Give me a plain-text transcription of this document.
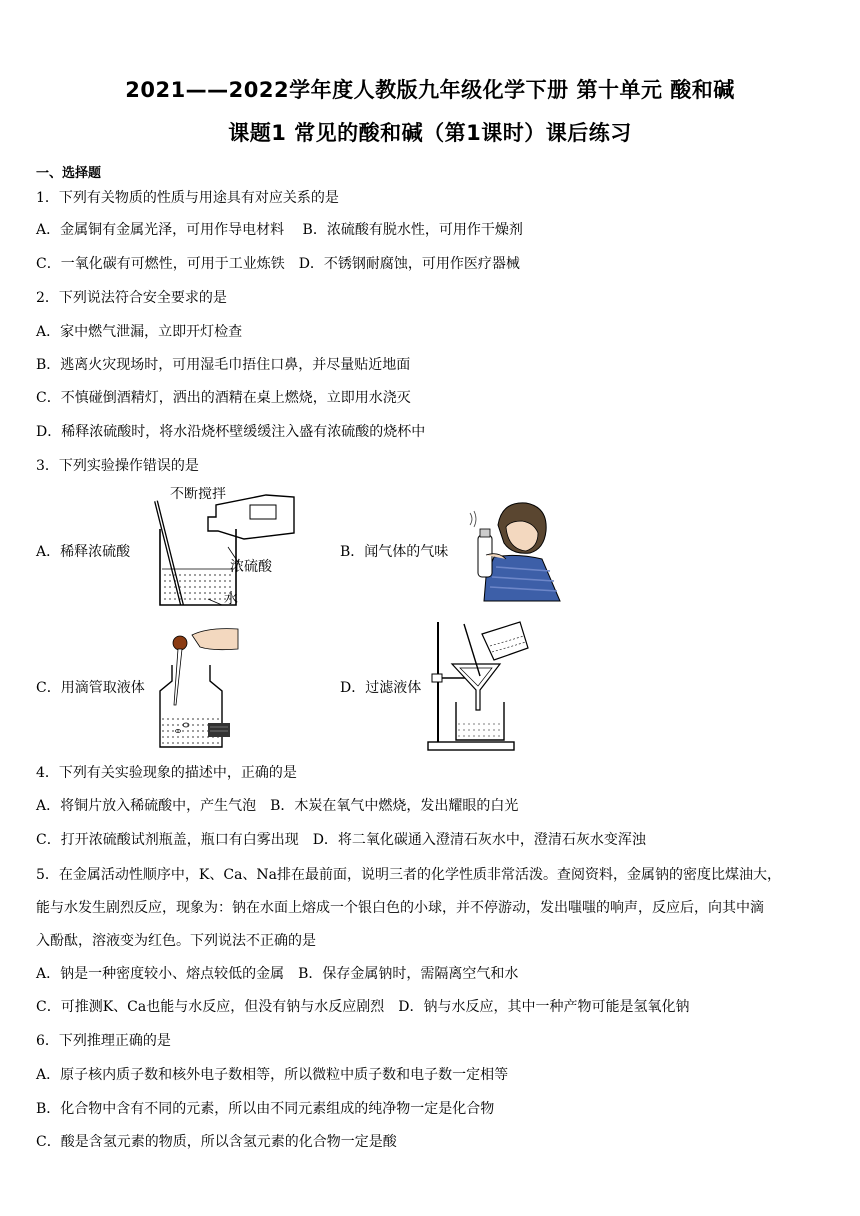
2021——2022学年度人教版九年级化学下册 第十单元 酸和碱
课题1 常见的酸和碱（第1课时）课后练习
一、选择题
1．下列有关物质的性质与用途具有对应关系的是
A．金属铜有金属光泽，可用作导电材料　 B．浓硫酸有脱水性，可用作干燥剂
C．一氧化碳有可燃性，可用于工业炼铁　D．不锈钢耐腐蚀，可用作医疗器械
2．下列说法符合安全要求的是
A．家中燃气泄漏，立即开灯检查
B．逃离火灾现场时，可用湿毛巾捂住口鼻，并尽量贴近地面
C．不慎碰倒酒精灯，洒出的酒精在桌上燃烧，立即用水浇灭
D．稀释浓硫酸时，将水沿烧杯壁缓缓注入盛有浓硫酸的烧杯中
3．下列实验操作错误的是
A．稀释浓硫酸
不断搅拌
浓硫酸
水
B．闻气体的气味
C．用滴管取液体	D．过滤液体
4．下列有关实验现象的描述中，正确的是
A．将铜片放入稀硫酸中，产生气泡　B．木炭在氧气中燃烧，发出耀眼的白光
C．打开浓硫酸试剂瓶盖，瓶口有白雾出现　D．将二氧化碳通入澄清石灰水中，澄清石灰水变浑浊
5．在金属活动性顺序中，K、Ca、Na排在最前面，说明三者的化学性质非常活泼。查阅资料，金属钠的密度比煤油大，
能与水发生剧烈反应，现象为：钠在水面上熔成一个银白色的小球，并不停游动，发出嗤嗤的响声，反应后，向其中滴
入酚酞，溶液变为红色。下列说法不正确的是
A．钠是一种密度较小、熔点较低的金属　B．保存金属钠时，需隔离空气和水
C．可推测K、Ca也能与水反应，但没有钠与水反应剧烈　D．钠与水反应，其中一种产物可能是氢氧化钠
6．下列推理正确的是
A．原子核内质子数和核外电子数相等，所以微粒中质子数和电子数一定相等
B．化合物中含有不同的元素，所以由不同元素组成的纯净物一定是化合物
C．酸是含氢元素的物质，所以含氢元素的化合物一定是酸
